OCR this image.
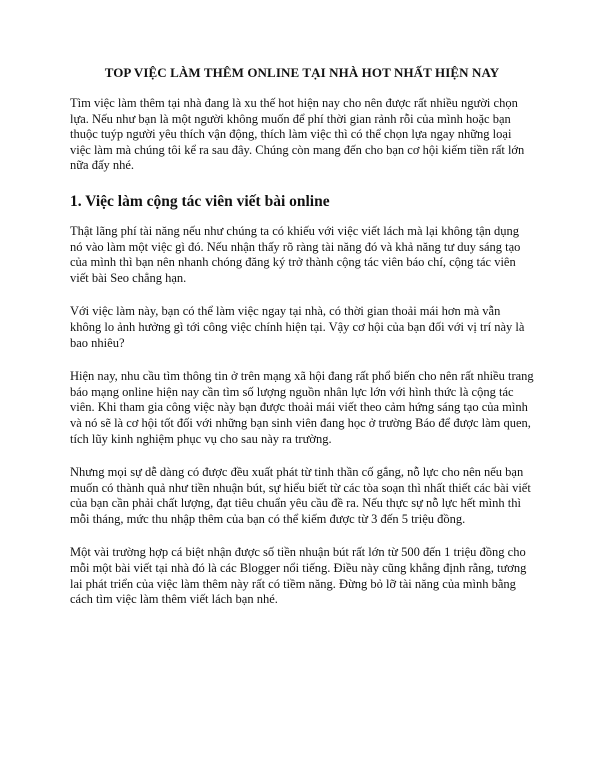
TOP VIỆC LÀM THÊM ONLINE TẠI NHÀ HOT NHẤT HIỆN NAY

Tìm việc làm thêm tại nhà đang là xu thế hot hiện nay cho nên được rất nhiều người chọn lựa. Nếu như bạn là một người không muốn để phí thời gian rảnh rỗi của mình hoặc bạn thuộc tuýp người yêu thích vận động, thích làm việc thì có thể chọn lựa ngay những loại việc làm mà chúng tôi kể ra sau đây. Chúng còn mang đến cho bạn cơ hội kiếm tiền rất lớn nữa đấy nhé.

1. Việc làm cộng tác viên viết bài online

Thật lãng phí tài năng nếu như chúng ta có khiếu với việc viết lách mà lại không tận dụng nó vào làm một việc gì đó. Nếu nhận thấy rõ ràng tài năng đó và khả năng tư duy sáng tạo của mình thì bạn nên nhanh chóng đăng ký trở thành cộng tác viên báo chí, cộng tác viên viết bài Seo chẳng hạn.

Với việc làm này, bạn có thể làm việc ngay tại nhà, có thời gian thoải mái hơn mà vẫn không lo ảnh hưởng gì tới công việc chính hiện tại. Vậy cơ hội của bạn đối với vị trí này là bao nhiêu?

Hiện nay, nhu cầu tìm thông tin ở trên mạng xã hội đang rất phổ biến cho nên rất nhiều trang báo mạng online hiện nay cần tìm số lượng nguồn nhân lực lớn với hình thức là cộng tác viên. Khi tham gia công việc này bạn được thoải mái viết theo cảm hứng sáng tạo của mình và nó sẽ là cơ hội tốt đối với những bạn sinh viên đang học ở trường Báo để được làm quen, tích lũy kinh nghiệm phục vụ cho sau này ra trường.

Nhưng mọi sự dễ dàng có được đều xuất phát từ tinh thần cố gắng, nỗ lực cho nên nếu bạn muốn có thành quả như tiền nhuận bút, sự hiểu biết từ các tòa soạn thì nhất thiết các bài viết của bạn cần phải chất lượng, đạt tiêu chuẩn yêu cầu đề ra. Nếu thực sự nỗ lực hết mình thì mỗi tháng, mức thu nhập thêm của bạn có thể kiếm được từ 3 đến 5 triệu đồng.

Một vài trường hợp cá biệt nhận được số tiền nhuận bút rất lớn từ 500 đến 1 triệu đồng cho mỗi một bài viết tại nhà đó là các Blogger nổi tiếng. Điều này cũng khẳng định rằng, tương lai phát triển của việc làm thêm này rất có tiềm năng. Đừng bỏ lỡ tài năng của mình bằng cách tìm việc làm thêm viết lách bạn nhé.
